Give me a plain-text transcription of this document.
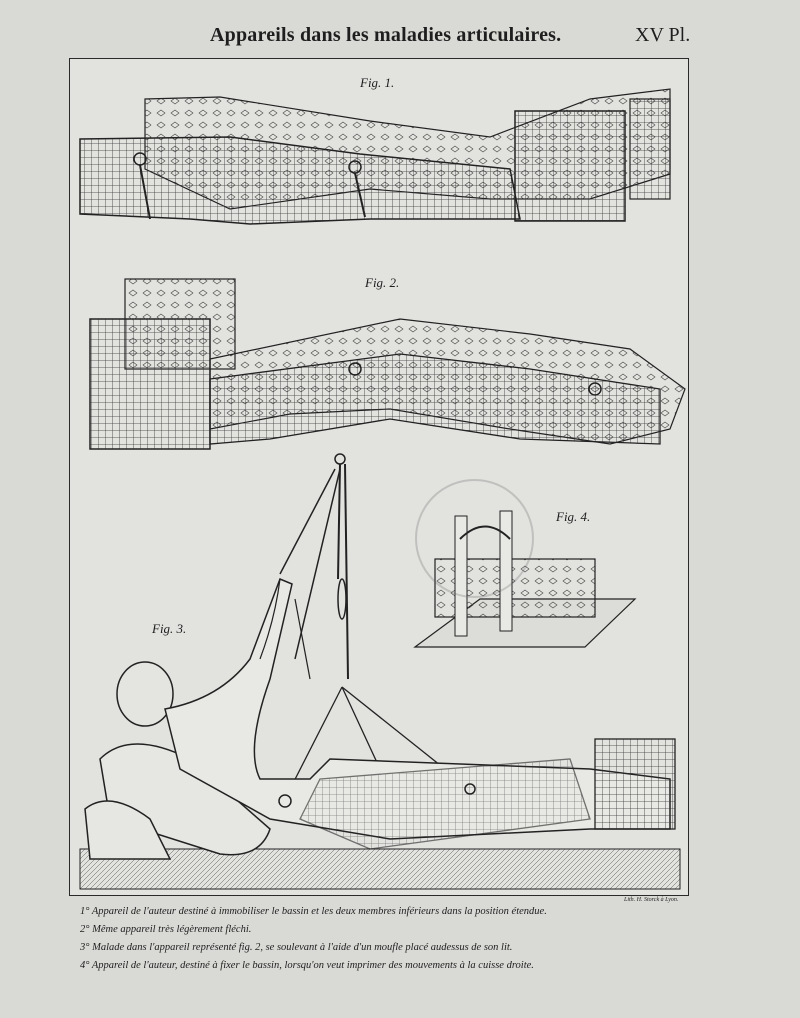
Appareils dans les maladies articulaires.	XV Pl.
Fig. 1.
Fig. 2.
Fig. 3.
Fig. 4.
Lith. H. Storck à Lyon.
1° Appareil de l'auteur destiné à immobiliser le bassin et les deux membres inférieurs dans la position étendue.
2° Même appareil très légèrement fléchi.
3° Malade dans l'appareil représenté fig. 2, se soulevant à l'aide d'un moufle placé audessus de son lit.
4° Appareil de l'auteur, destiné à fixer le bassin, lorsqu'on veut imprimer des mouvements à la cuisse droite.
